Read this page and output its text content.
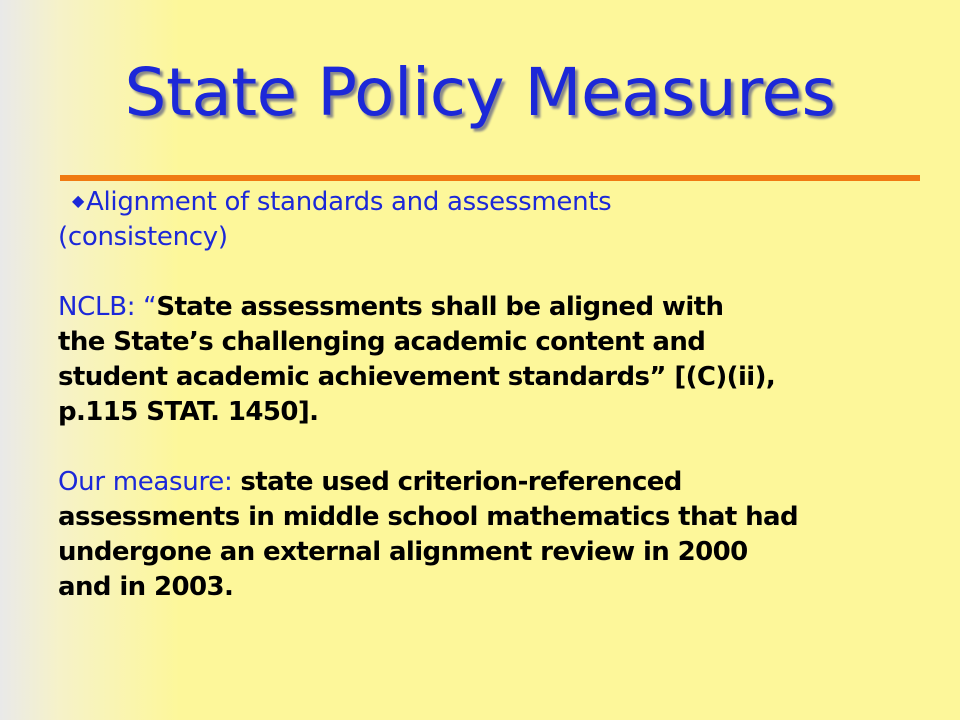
State Policy Measures
◆Alignment of standards and assessments
(consistency)
NCLB: “State assessments shall be aligned with
the State’s challenging academic content and
student academic achievement standards” [(C)(ii),
p.115 STAT. 1450].
Our measure: state used criterion-referenced
assessments in middle school mathematics that had
undergone an external alignment review in 2000
and in 2003.
